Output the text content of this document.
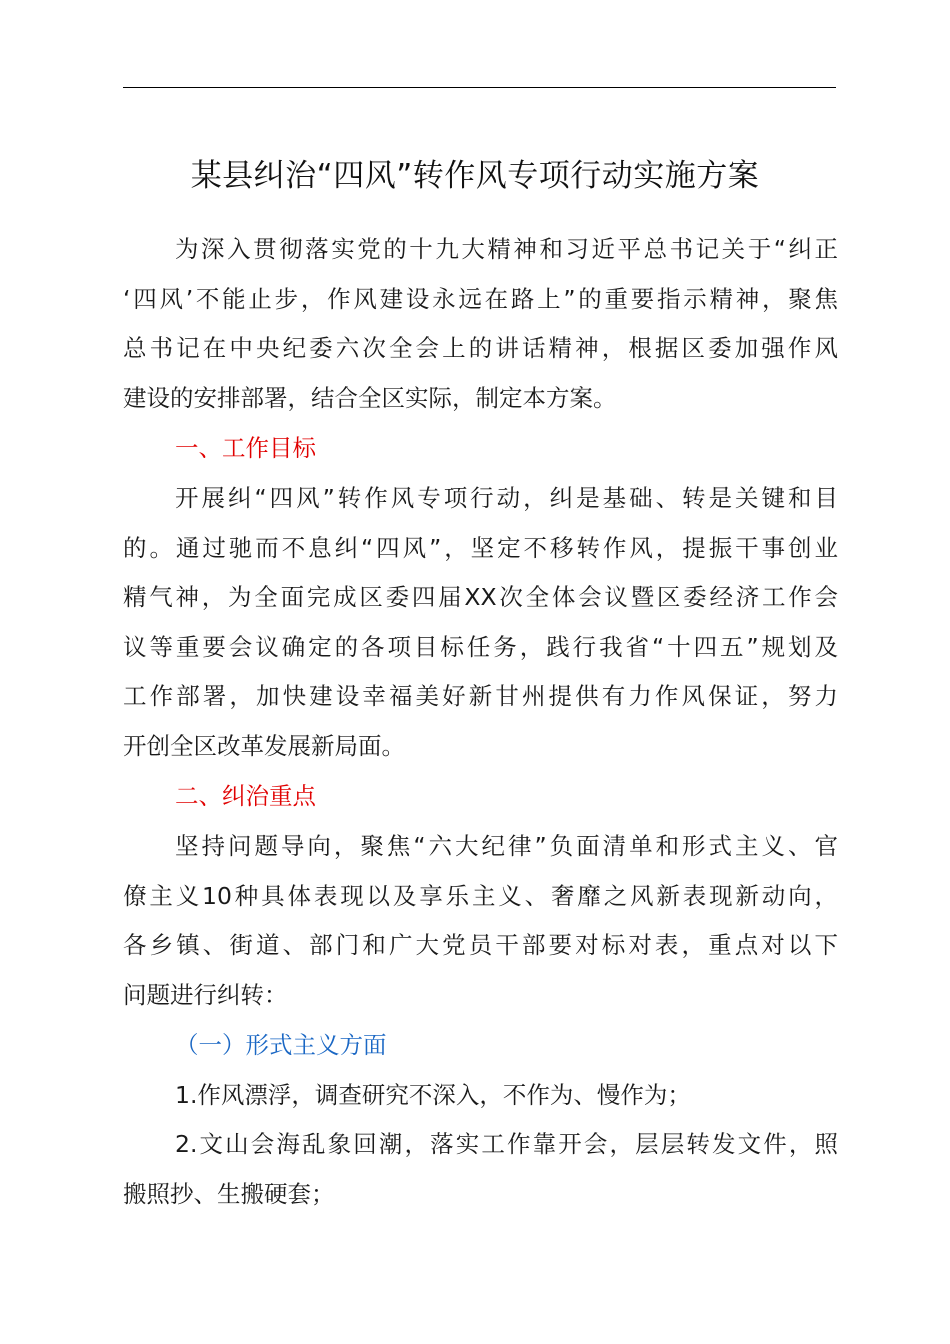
某县纠治“四风”转作风专项行动实施方案
为深入贯彻落实党的十九大精神和习近平总书记关于“纠正
‘四风’不能止步，作风建设永远在路上”的重要指示精神，聚焦
总书记在中央纪委六次全会上的讲话精神，根据区委加强作风
建设的安排部署，结合全区实际，制定本方案。
一、工作目标
开展纠“四风”转作风专项行动，纠是基础、转是关键和目
的。通过驰而不息纠“四风”，坚定不移转作风，提振干事创业
精气神，为全面完成区委四届XX次全体会议暨区委经济工作会
议等重要会议确定的各项目标任务，践行我省“十四五”规划及
工作部署，加快建设幸福美好新甘州提供有力作风保证，努力
开创全区改革发展新局面。
二、纠治重点
坚持问题导向，聚焦“六大纪律”负面清单和形式主义、官
僚主义10种具体表现以及享乐主义、奢靡之风新表现新动向，
各乡镇、街道、部门和广大党员干部要对标对表，重点对以下
问题进行纠转：
（一）形式主义方面
1.作风漂浮，调查研究不深入，不作为、慢作为；
2.文山会海乱象回潮，落实工作靠开会，层层转发文件，照
搬照抄、生搬硬套；
